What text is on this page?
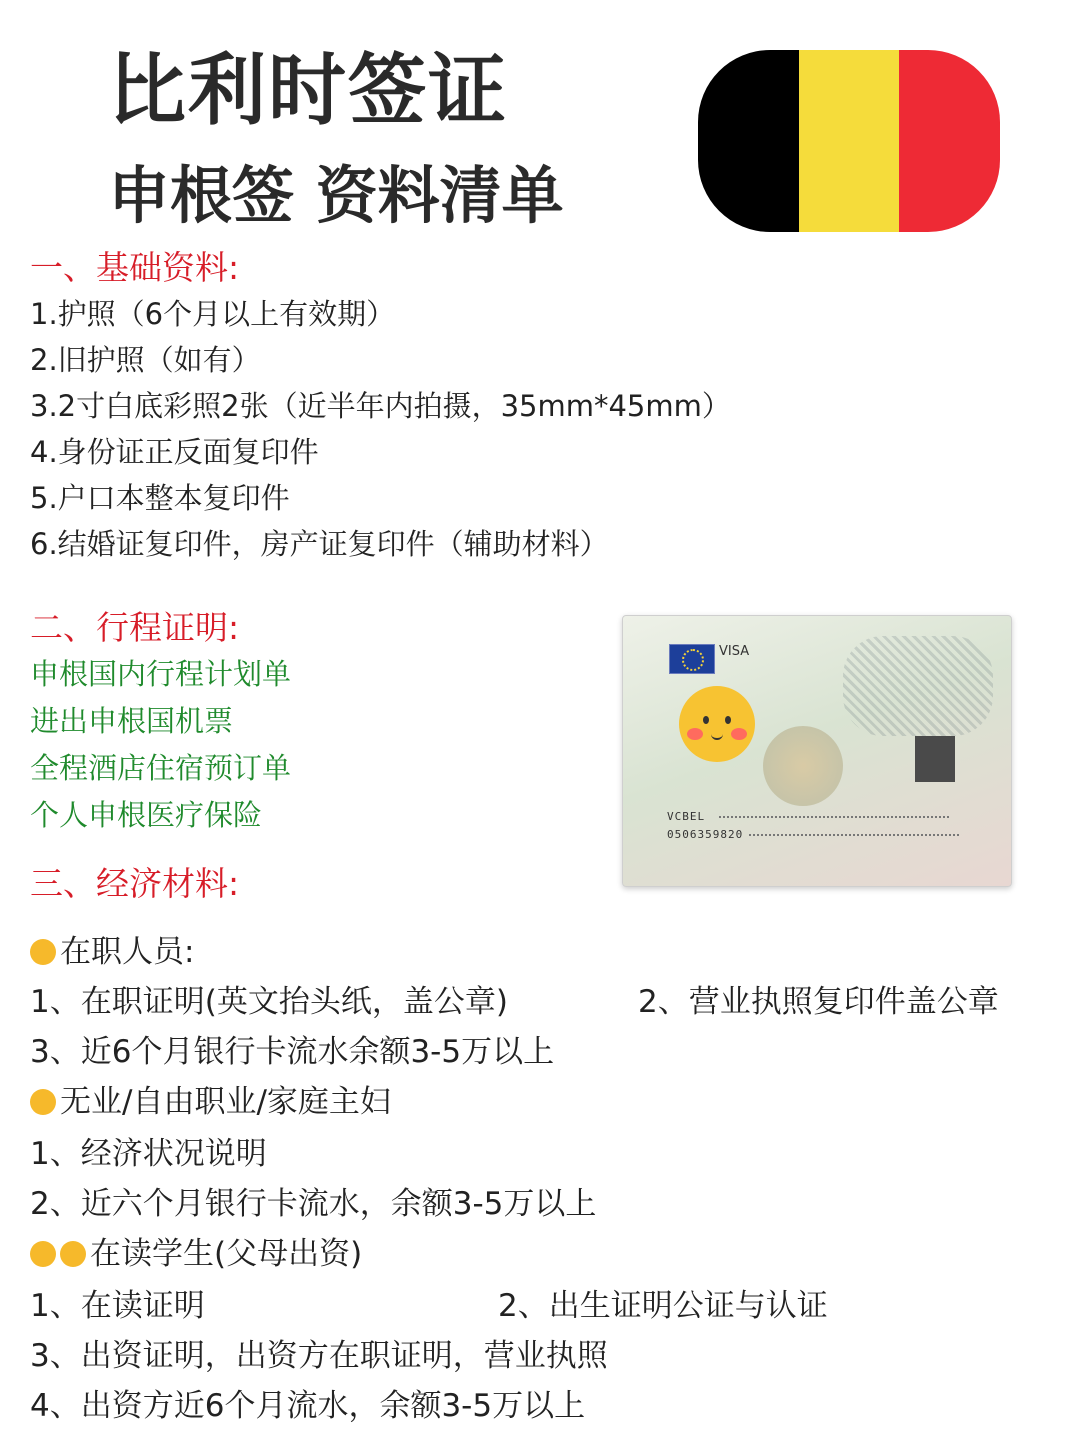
比利时签证
申根签 资料清单
一、基础资料:
1.护照（6个月以上有效期）
2.旧护照（如有）
3.2寸白底彩照2张（近半年内拍摄，35mm*45mm）
4.身份证正反面复印件
5.户口本整本复印件
6.结婚证复印件，房产证复印件（辅助材料）
二、行程证明:
申根国内行程计划单
进出申根国机票
全程酒店住宿预订单
个人申根医疗保险
VISA
VCBEL
0506359820
三、经济材料:
在职人员:
1、在职证明(英文抬头纸，盖公章)	2、营业执照复印件盖公章
3、近6个月银行卡流水余额3-5万以上
无业/自由职业/家庭主妇
1、经济状况说明
2、近六个月银行卡流水，余额3-5万以上
在读学生(父母出资)
1、在读证明	2、出生证明公证与认证
3、出资证明，出资方在职证明，营业执照
4、出资方近6个月流水，余额3-5万以上
